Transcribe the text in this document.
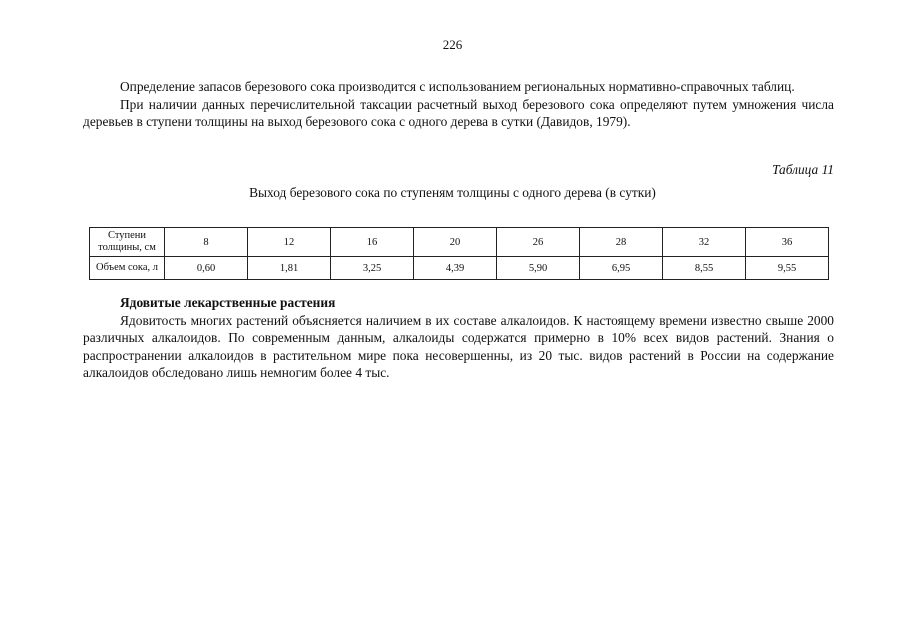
226

Определение запасов березового сока производится с использованием региональных нормативно-справочных таблиц.

При наличии данных перечислительной таксации расчетный выход березового сока определяют путем умножения числа деревьев в ступени толщины на выход березового сока с одного дерева в сутки (Давидов, 1979).

Таблица 11
Выход березового сока по ступеням толщины с одного дерева (в сутки)
Ступени толщины, см	8	12	16	20	26	28	32	36
Объем сока, л	0,60	1,81	3,25	4,39	5,90	6,95	8,55	9,55

Ядовитые лекарственные растения

Ядовитость многих растений объясняется наличием в их составе алкалоидов. К настоящему времени известно свыше 2000 различных алкалоидов. По современным данным, алкалоиды содержатся примерно в 10% всех видов растений. Знания о распространении алкалоидов в растительном мире пока несовершенны, из 20 тыс. видов растений в России на содержание алкалоидов обследовано лишь немногим более 4 тыс.
